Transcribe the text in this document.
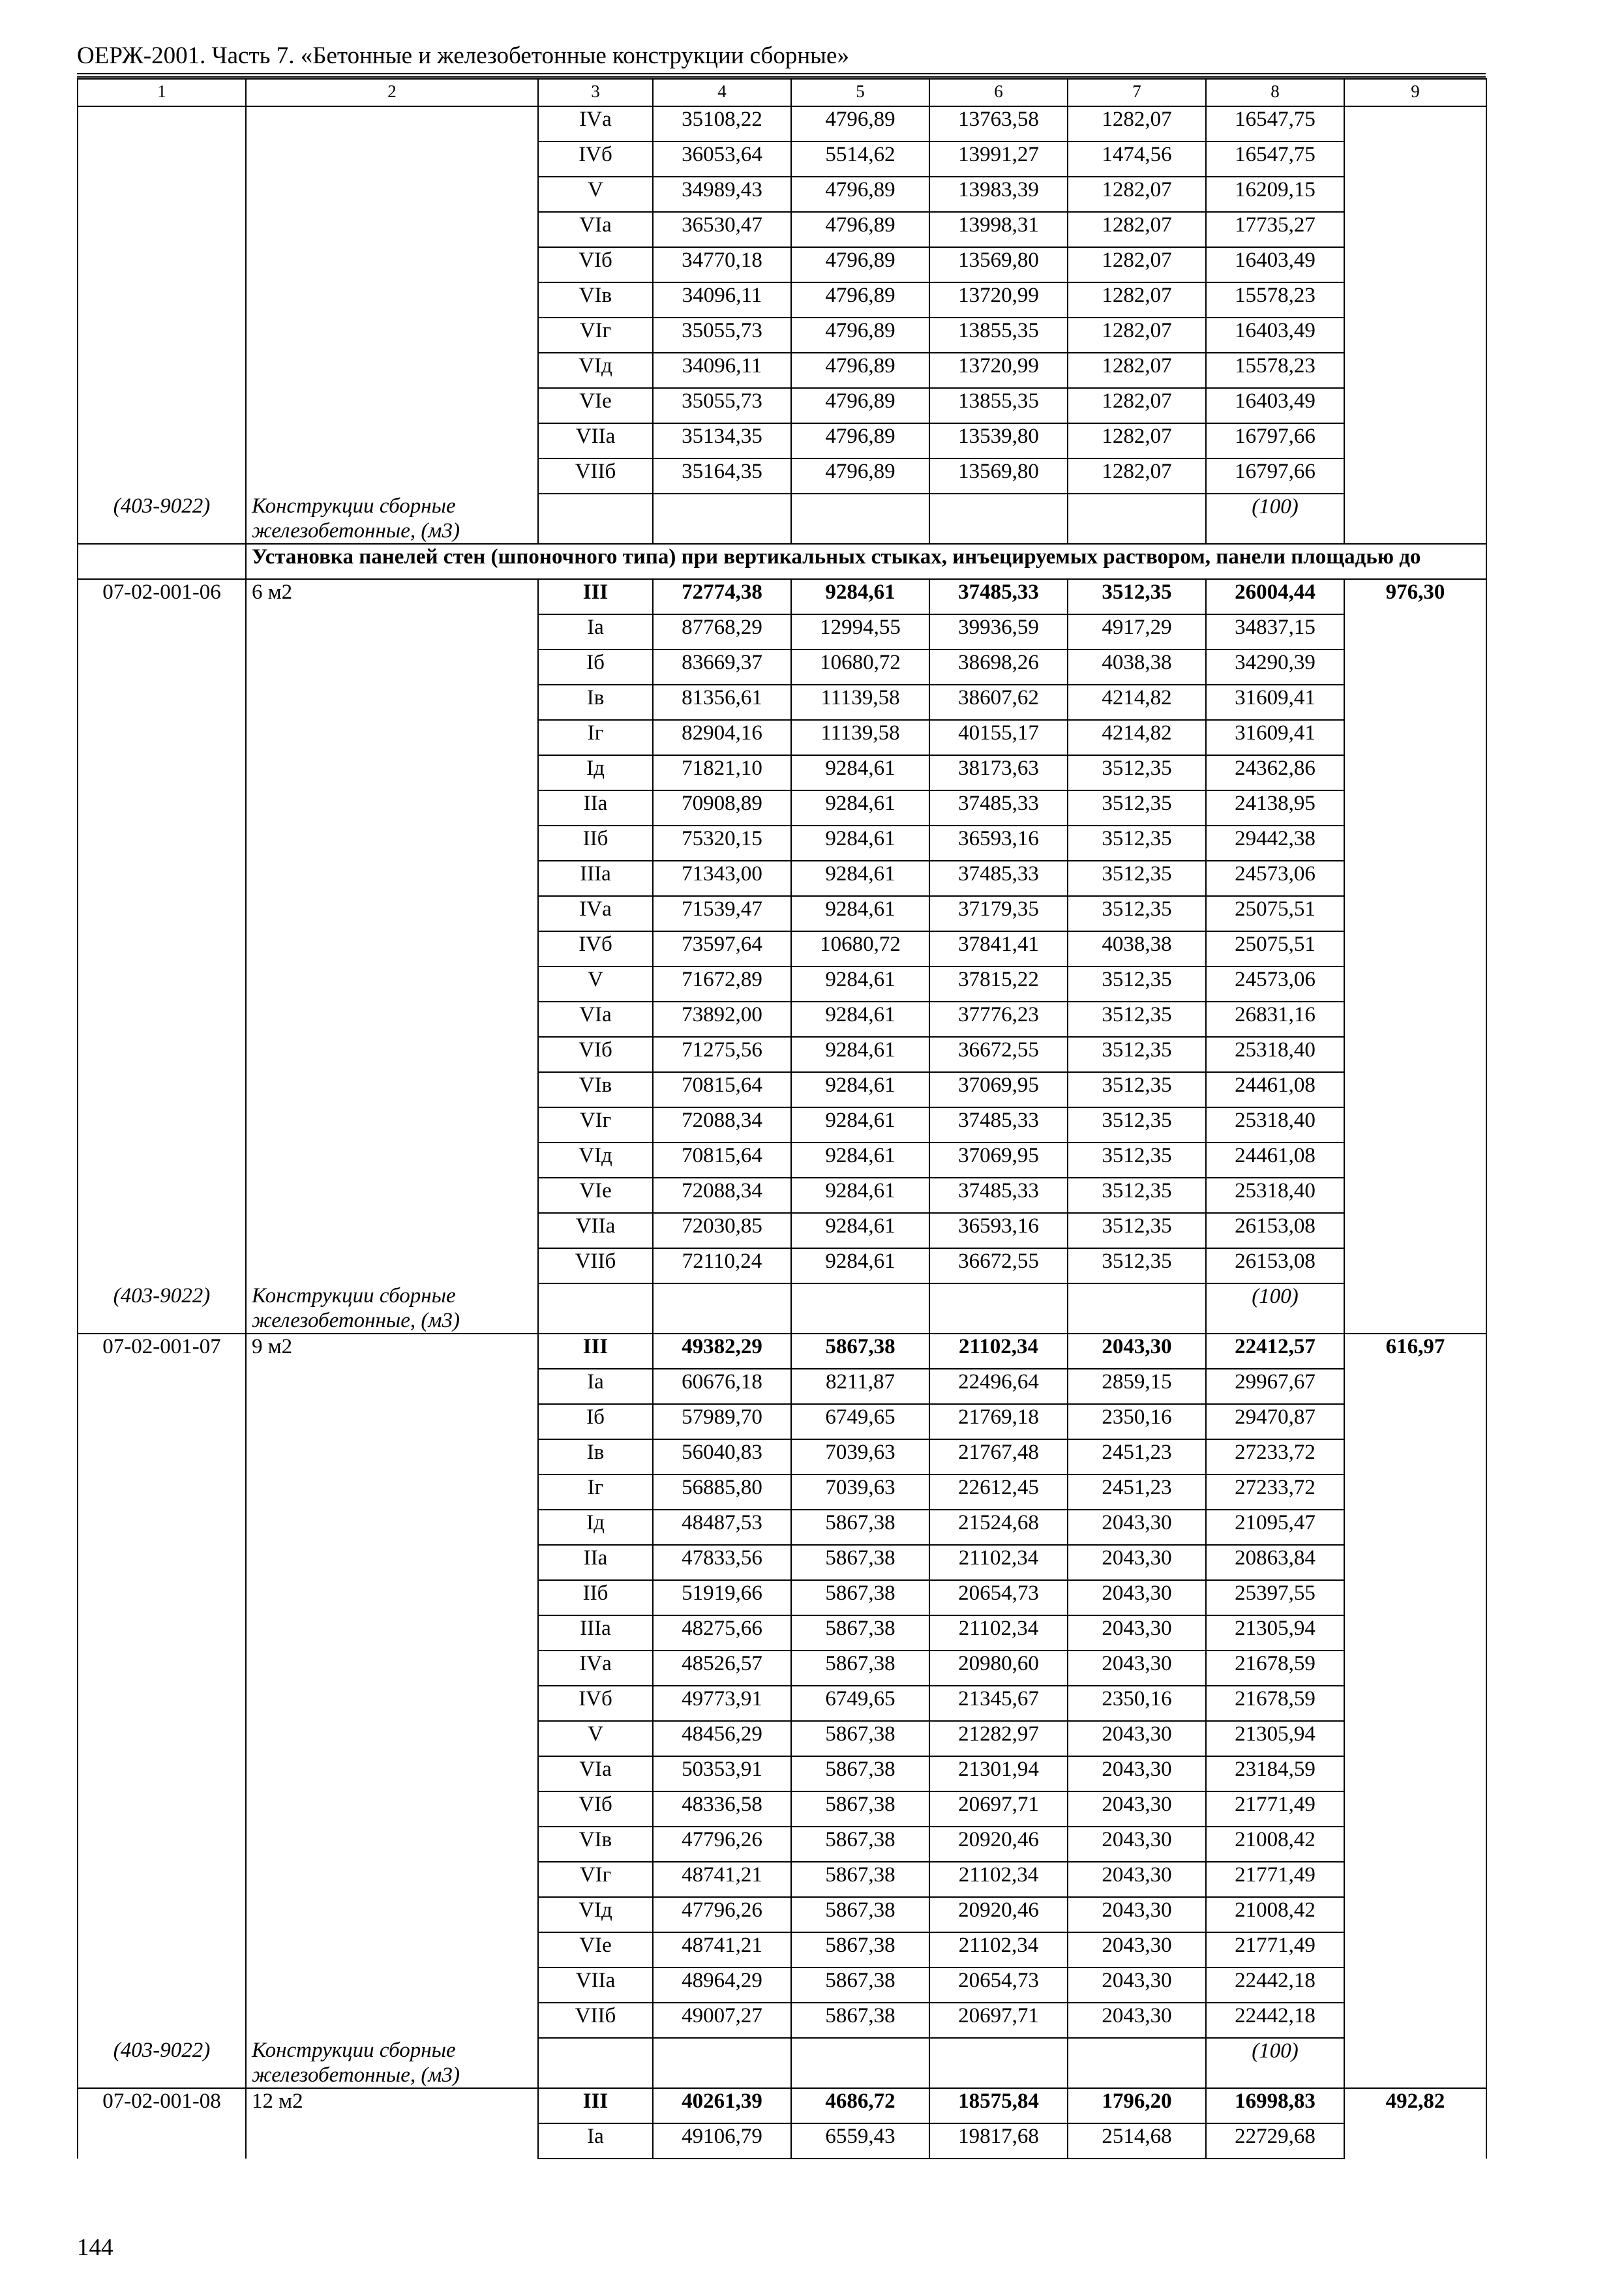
ОЕРЖ-2001. Часть 7. «Бетонные и железобетонные конструкции сборные»
1	2	3	4	5	6	7	8	9
		IVа	35108,22	4796,89	13763,58	1282,07	16547,75	
		IVб	36053,64	5514,62	13991,27	1474,56	16547,75	
		V	34989,43	4796,89	13983,39	1282,07	16209,15	
		VIа	36530,47	4796,89	13998,31	1282,07	17735,27	
		VIб	34770,18	4796,89	13569,80	1282,07	16403,49	
		VIв	34096,11	4796,89	13720,99	1282,07	15578,23	
		VIг	35055,73	4796,89	13855,35	1282,07	16403,49	
		VIд	34096,11	4796,89	13720,99	1282,07	15578,23	
		VIе	35055,73	4796,89	13855,35	1282,07	16403,49	
		VIIа	35134,35	4796,89	13539,80	1282,07	16797,66	
		VIIб	35164,35	4796,89	13569,80	1282,07	16797,66	
(403-9022)	Конструкции сборные железобетонные, (м3)						(100)	
	Установка панелей стен (шпоночного типа) при вертикальных стыках, инъецируемых раствором, панели площадью до							
07-02-001-06	6 м2	III	72774,38	9284,61	37485,33	3512,35	26004,44	976,30
		Iа	87768,29	12994,55	39936,59	4917,29	34837,15	
		Iб	83669,37	10680,72	38698,26	4038,38	34290,39	
		Iв	81356,61	11139,58	38607,62	4214,82	31609,41	
		Iг	82904,16	11139,58	40155,17	4214,82	31609,41	
		Iд	71821,10	9284,61	38173,63	3512,35	24362,86	
		IIа	70908,89	9284,61	37485,33	3512,35	24138,95	
		IIб	75320,15	9284,61	36593,16	3512,35	29442,38	
		IIIа	71343,00	9284,61	37485,33	3512,35	24573,06	
		IVа	71539,47	9284,61	37179,35	3512,35	25075,51	
		IVб	73597,64	10680,72	37841,41	4038,38	25075,51	
		V	71672,89	9284,61	37815,22	3512,35	24573,06	
		VIа	73892,00	9284,61	37776,23	3512,35	26831,16	
		VIб	71275,56	9284,61	36672,55	3512,35	25318,40	
		VIв	70815,64	9284,61	37069,95	3512,35	24461,08	
		VIг	72088,34	9284,61	37485,33	3512,35	25318,40	
		VIд	70815,64	9284,61	37069,95	3512,35	24461,08	
		VIе	72088,34	9284,61	37485,33	3512,35	25318,40	
		VIIа	72030,85	9284,61	36593,16	3512,35	26153,08	
		VIIб	72110,24	9284,61	36672,55	3512,35	26153,08	
(403-9022)	Конструкции сборные железобетонные, (м3)						(100)	
07-02-001-07	9 м2	III	49382,29	5867,38	21102,34	2043,30	22412,57	616,97
		Iа	60676,18	8211,87	22496,64	2859,15	29967,67	
		Iб	57989,70	6749,65	21769,18	2350,16	29470,87	
		Iв	56040,83	7039,63	21767,48	2451,23	27233,72	
		Iг	56885,80	7039,63	22612,45	2451,23	27233,72	
		Iд	48487,53	5867,38	21524,68	2043,30	21095,47	
		IIа	47833,56	5867,38	21102,34	2043,30	20863,84	
		IIб	51919,66	5867,38	20654,73	2043,30	25397,55	
		IIIа	48275,66	5867,38	21102,34	2043,30	21305,94	
		IVа	48526,57	5867,38	20980,60	2043,30	21678,59	
		IVб	49773,91	6749,65	21345,67	2350,16	21678,59	
		V	48456,29	5867,38	21282,97	2043,30	21305,94	
		VIа	50353,91	5867,38	21301,94	2043,30	23184,59	
		VIб	48336,58	5867,38	20697,71	2043,30	21771,49	
		VIв	47796,26	5867,38	20920,46	2043,30	21008,42	
		VIг	48741,21	5867,38	21102,34	2043,30	21771,49	
		VIд	47796,26	5867,38	20920,46	2043,30	21008,42	
		VIе	48741,21	5867,38	21102,34	2043,30	21771,49	
		VIIа	48964,29	5867,38	20654,73	2043,30	22442,18	
		VIIб	49007,27	5867,38	20697,71	2043,30	22442,18	
(403-9022)	Конструкции сборные железобетонные, (м3)						(100)	
07-02-001-08	12 м2	III	40261,39	4686,72	18575,84	1796,20	16998,83	492,82
		Iа	49106,79	6559,43	19817,68	2514,68	22729,68	
144
